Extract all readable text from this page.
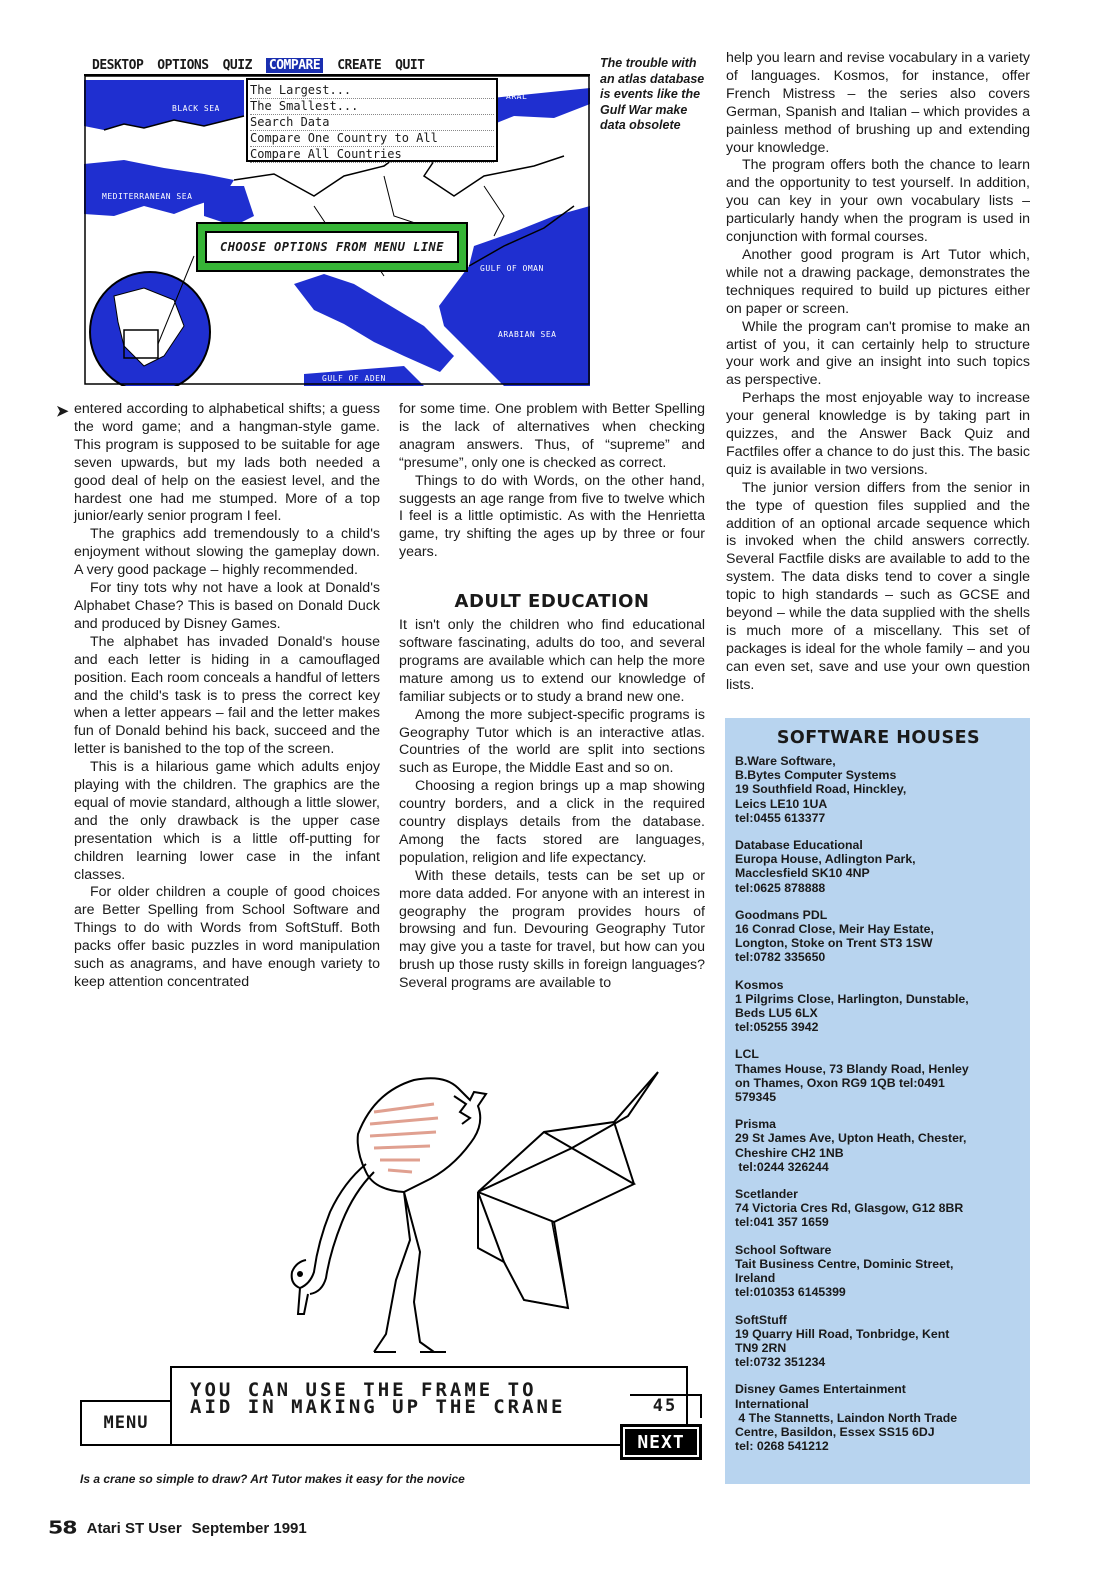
DESKTOP OPTIONS QUIZ COMPARE CREATE QUIT
The Largest...
The Smallest...
Search Data
Compare One Country to All
Compare All Countries
BLACK SEA
MEDITERRANEAN SEA
ARAL
GULF OF OMAN
ARABIAN SEA
SEA
GULF OF ADEN
CHOOSE OPTIONS FROM MENU LINE
The trouble with an atlas database is events like the Gulf War make data obsolete
➤ entered according to alphabetical shifts; a guess the word game; and a hangman-style game. This program is supposed to be suitable for age seven upwards, but my lads both needed a good deal of help on the easiest level, and the hardest one had me stumped. More of a top junior/early senior program I feel.

The graphics add tremendously to a child's enjoyment without slowing the gameplay down. A very good package – highly recommended.

For tiny tots why not have a look at Donald's Alphabet Chase? This is based on Donald Duck and produced by Disney Games.

The alphabet has invaded Donald's house and each letter is hiding in a camouflaged position. Each room conceals a handful of letters and the child's task is to press the correct key when a letter appears – fail and the letter makes fun of Donald behind his back, succeed and the letter is banished to the top of the screen.

This is a hilarious game which adults enjoy playing with the children. The graphics are the equal of movie standard, although a little slower, and the only drawback is the upper case presentation which is a little off-putting for children learning lower case in the infant classes.

For older children a couple of good choices are Better Spelling from School Software and Things to do with Words from SoftStuff. Both packs offer basic puzzles in word manipulation such as anagrams, and have enough variety to keep attention concentrated

for some time. One problem with Better Spelling is the lack of alternatives when checking anagram answers. Thus, of “supreme” and “presume”, only one is checked as correct.

Things to do with Words, on the other hand, suggests an age range from five to twelve which I feel is a little optimistic. As with the Henrietta game, try shifting the ages up by three or four years.

ADULT EDUCATION

It isn't only the children who find educational software fascinating, adults do too, and several programs are available which can help the more mature among us to extend our knowledge of familiar subjects or to study a brand new one.

Among the more subject-specific programs is Geography Tutor which is an interactive atlas. Countries of the world are split into sections such as Europe, the Middle East and so on.

Choosing a region brings up a map showing country borders, and a click in the required country displays details from the database. Among the facts stored are languages, population, religion and life expectancy.

With these details, tests can be set up or more data added. For anyone with an interest in geography the program provides hours of browsing and fun. Devouring Geography Tutor may give you a taste for travel, but how can you brush up those rusty skills in foreign languages? Several programs are available to

help you learn and revise vocabulary in a variety of languages. Kosmos, for instance, offer French Mistress – the series also covers German, Spanish and Italian – which provides a painless method of brushing up and extending your knowledge.

The program offers both the chance to learn and the opportunity to test yourself. In addition, you can key in your own vocabulary lists – particularly handy when the program is used in conjunction with formal courses.

Another good program is Art Tutor which, while not a drawing package, demonstrates the techniques required to build up pictures either on paper or screen.

While the program can't promise to make an artist of you, it can certainly help to structure your work and give an insight into such topics as perspective.

Perhaps the most enjoyable way to increase your general knowledge is by taking part in quizzes, and the Answer Back Quiz and Factfiles offer a chance to do just this. The basic quiz is available in two versions.

The junior version differs from the senior in the type of question files supplied and the addition of an optional arcade sequence which is invoked when the child answers correctly. Several Factfile disks are available to add to the system. The data disks tend to cover a single topic to high standards – such as GCSE and beyond – while the data supplied with the shells is much more of a miscellany. This set of packages is ideal for the whole family – and you can even set, save and use your own question lists.

SOFTWARE HOUSES
B.Ware Software,
B.Bytes Computer Systems
19 Southfield Road, Hinckley,
Leics LE10 1UA
tel:0455 613377
Database Educational
Europa House, Adlington Park,
Macclesfield SK10 4NP
tel:0625 878888
Goodmans PDL
16 Conrad Close, Meir Hay Estate,
Longton, Stoke on Trent ST3 1SW
tel:0782 335650
Kosmos
1 Pilgrims Close, Harlington, Dunstable,
Beds LU5 6LX
tel:05255 3942
LCL
Thames House, 73 Blandy Road, Henley
on Thames, Oxon RG9 1QB tel:0491
579345
Prisma
29 St James Ave, Upton Heath, Chester,
Cheshire CH2 1NB
tel:0244 326244
Scetlander
74 Victoria Cres Rd, Glasgow, G12 8BR
tel:041 357 1659
School Software
Tait Business Centre, Dominic Street,
Ireland
tel:010353 6145399
SoftStuff
19 Quarry Hill Road, Tonbridge, Kent
TN9 2RN
tel:0732 351234
Disney Games Entertainment
International
4 The Stannetts, Laindon North Trade
Centre, Basildon, Essex SS15 6DJ
tel: 0268 541212
YOU CAN USE THE FRAME TO
AID IN MAKING UP THE CRANE
MENU
45
NEXT
Is a crane so simple to draw? Art Tutor makes it easy for the novice
58 Atari ST User September 1991
